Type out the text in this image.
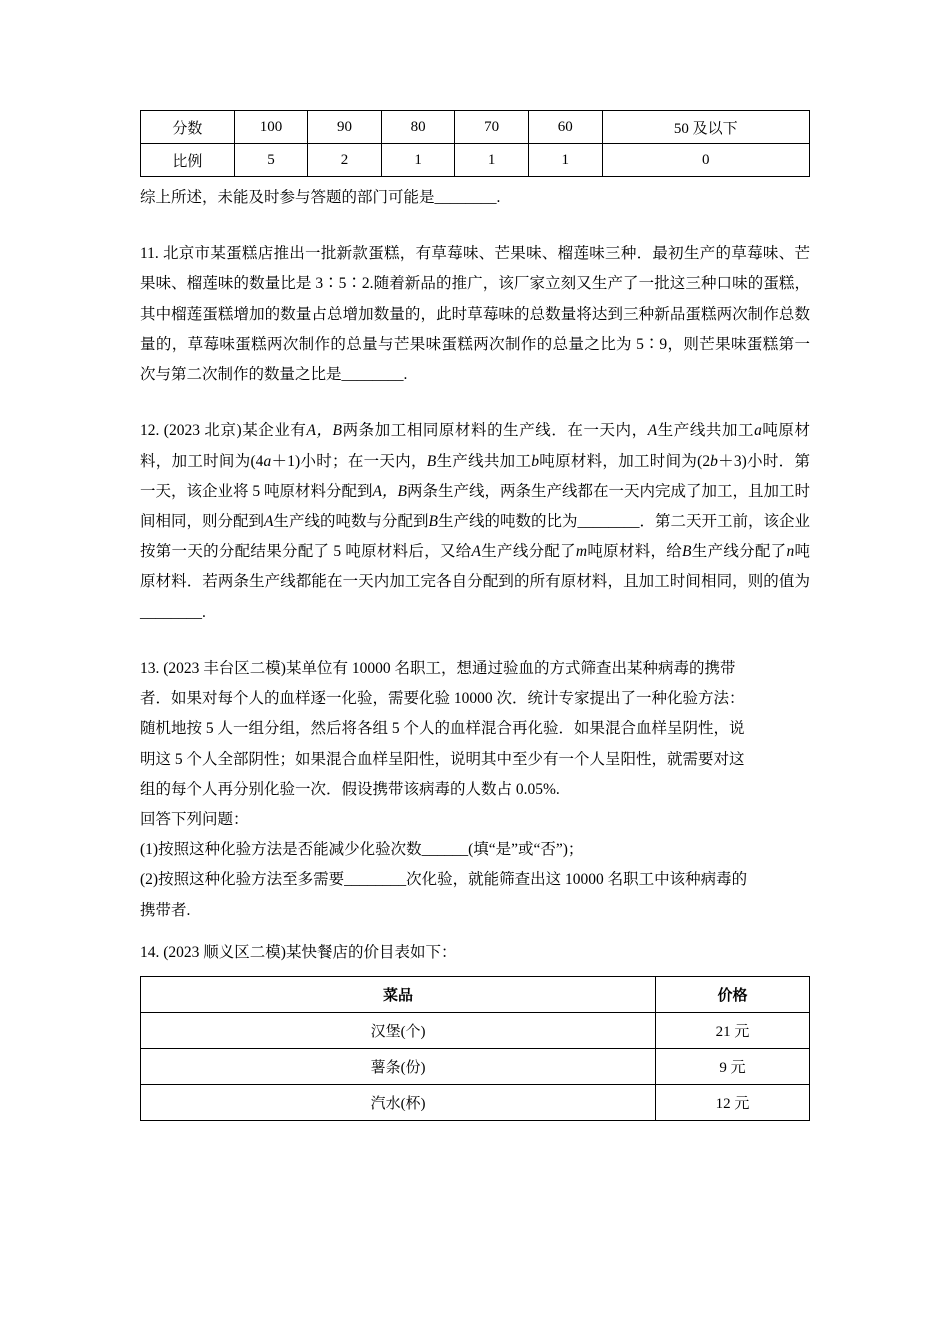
分数	100	90	80	70	60	50 及以下
比例	5	2	1	1	1	0

综上所述，未能及时参与答题的部门可能是________.

11. 北京市某蛋糕店推出一批新款蛋糕，有草莓味、芒果味、榴莲味三种．最初生产的草莓味、芒果味、榴莲味的数量比是 3∶5∶2.随着新品的推广，该厂家立刻又生产了一批这三种口味的蛋糕，其中榴莲蛋糕增加的数量占总增加数量的，此时草莓味的总数量将达到三种新品蛋糕两次制作总数量的，草莓味蛋糕两次制作的总量与芒果味蛋糕两次制作的总量之比为 5∶9，则芒果味蛋糕第一次与第二次制作的数量之比是________.

12. (2023 北京)某企业有A，B两条加工相同原材料的生产线．在一天内，A生产线共加工a吨原材料，加工时间为(4a＋1)小时；在一天内，B生产线共加工b吨原材料，加工时间为(2b＋3)小时．第一天，该企业将 5 吨原材料分配到A，B两条生产线，两条生产线都在一天内完成了加工，且加工时间相同，则分配到A生产线的吨数与分配到B生产线的吨数的比为________．第二天开工前，该企业按第一天的分配结果分配了 5 吨原材料后，又给A生产线分配了m吨原材料，给B生产线分配了n吨原材料．若两条生产线都能在一天内加工完各自分配到的所有原材料，且加工时间相同，则的值为________.

13. (2023 丰台区二模)某单位有 10000 名职工，想通过验血的方式筛查出某种病毒的携带

者．如果对每个人的血样逐一化验，需要化验 10000 次．统计专家提出了一种化验方法：

随机地按 5 人一组分组，然后将各组 5 个人的血样混合再化验．如果混合血样呈阴性，说

明这 5 个人全部阴性；如果混合血样呈阳性，说明其中至少有一个人呈阳性，就需要对这

组的每个人再分别化验一次．假设携带该病毒的人数占 0.05%.

回答下列问题：

(1)按照这种化验方法是否能减少化验次数______(填“是”或“否”)；

(2)按照这种化验方法至多需要________次化验，就能筛查出这 10000 名职工中该种病毒的

携带者.

14. (2023 顺义区二模)某快餐店的价目表如下：

菜品	价格
汉堡(个)	21 元
薯条(份)	9 元
汽水(杯)	12 元
